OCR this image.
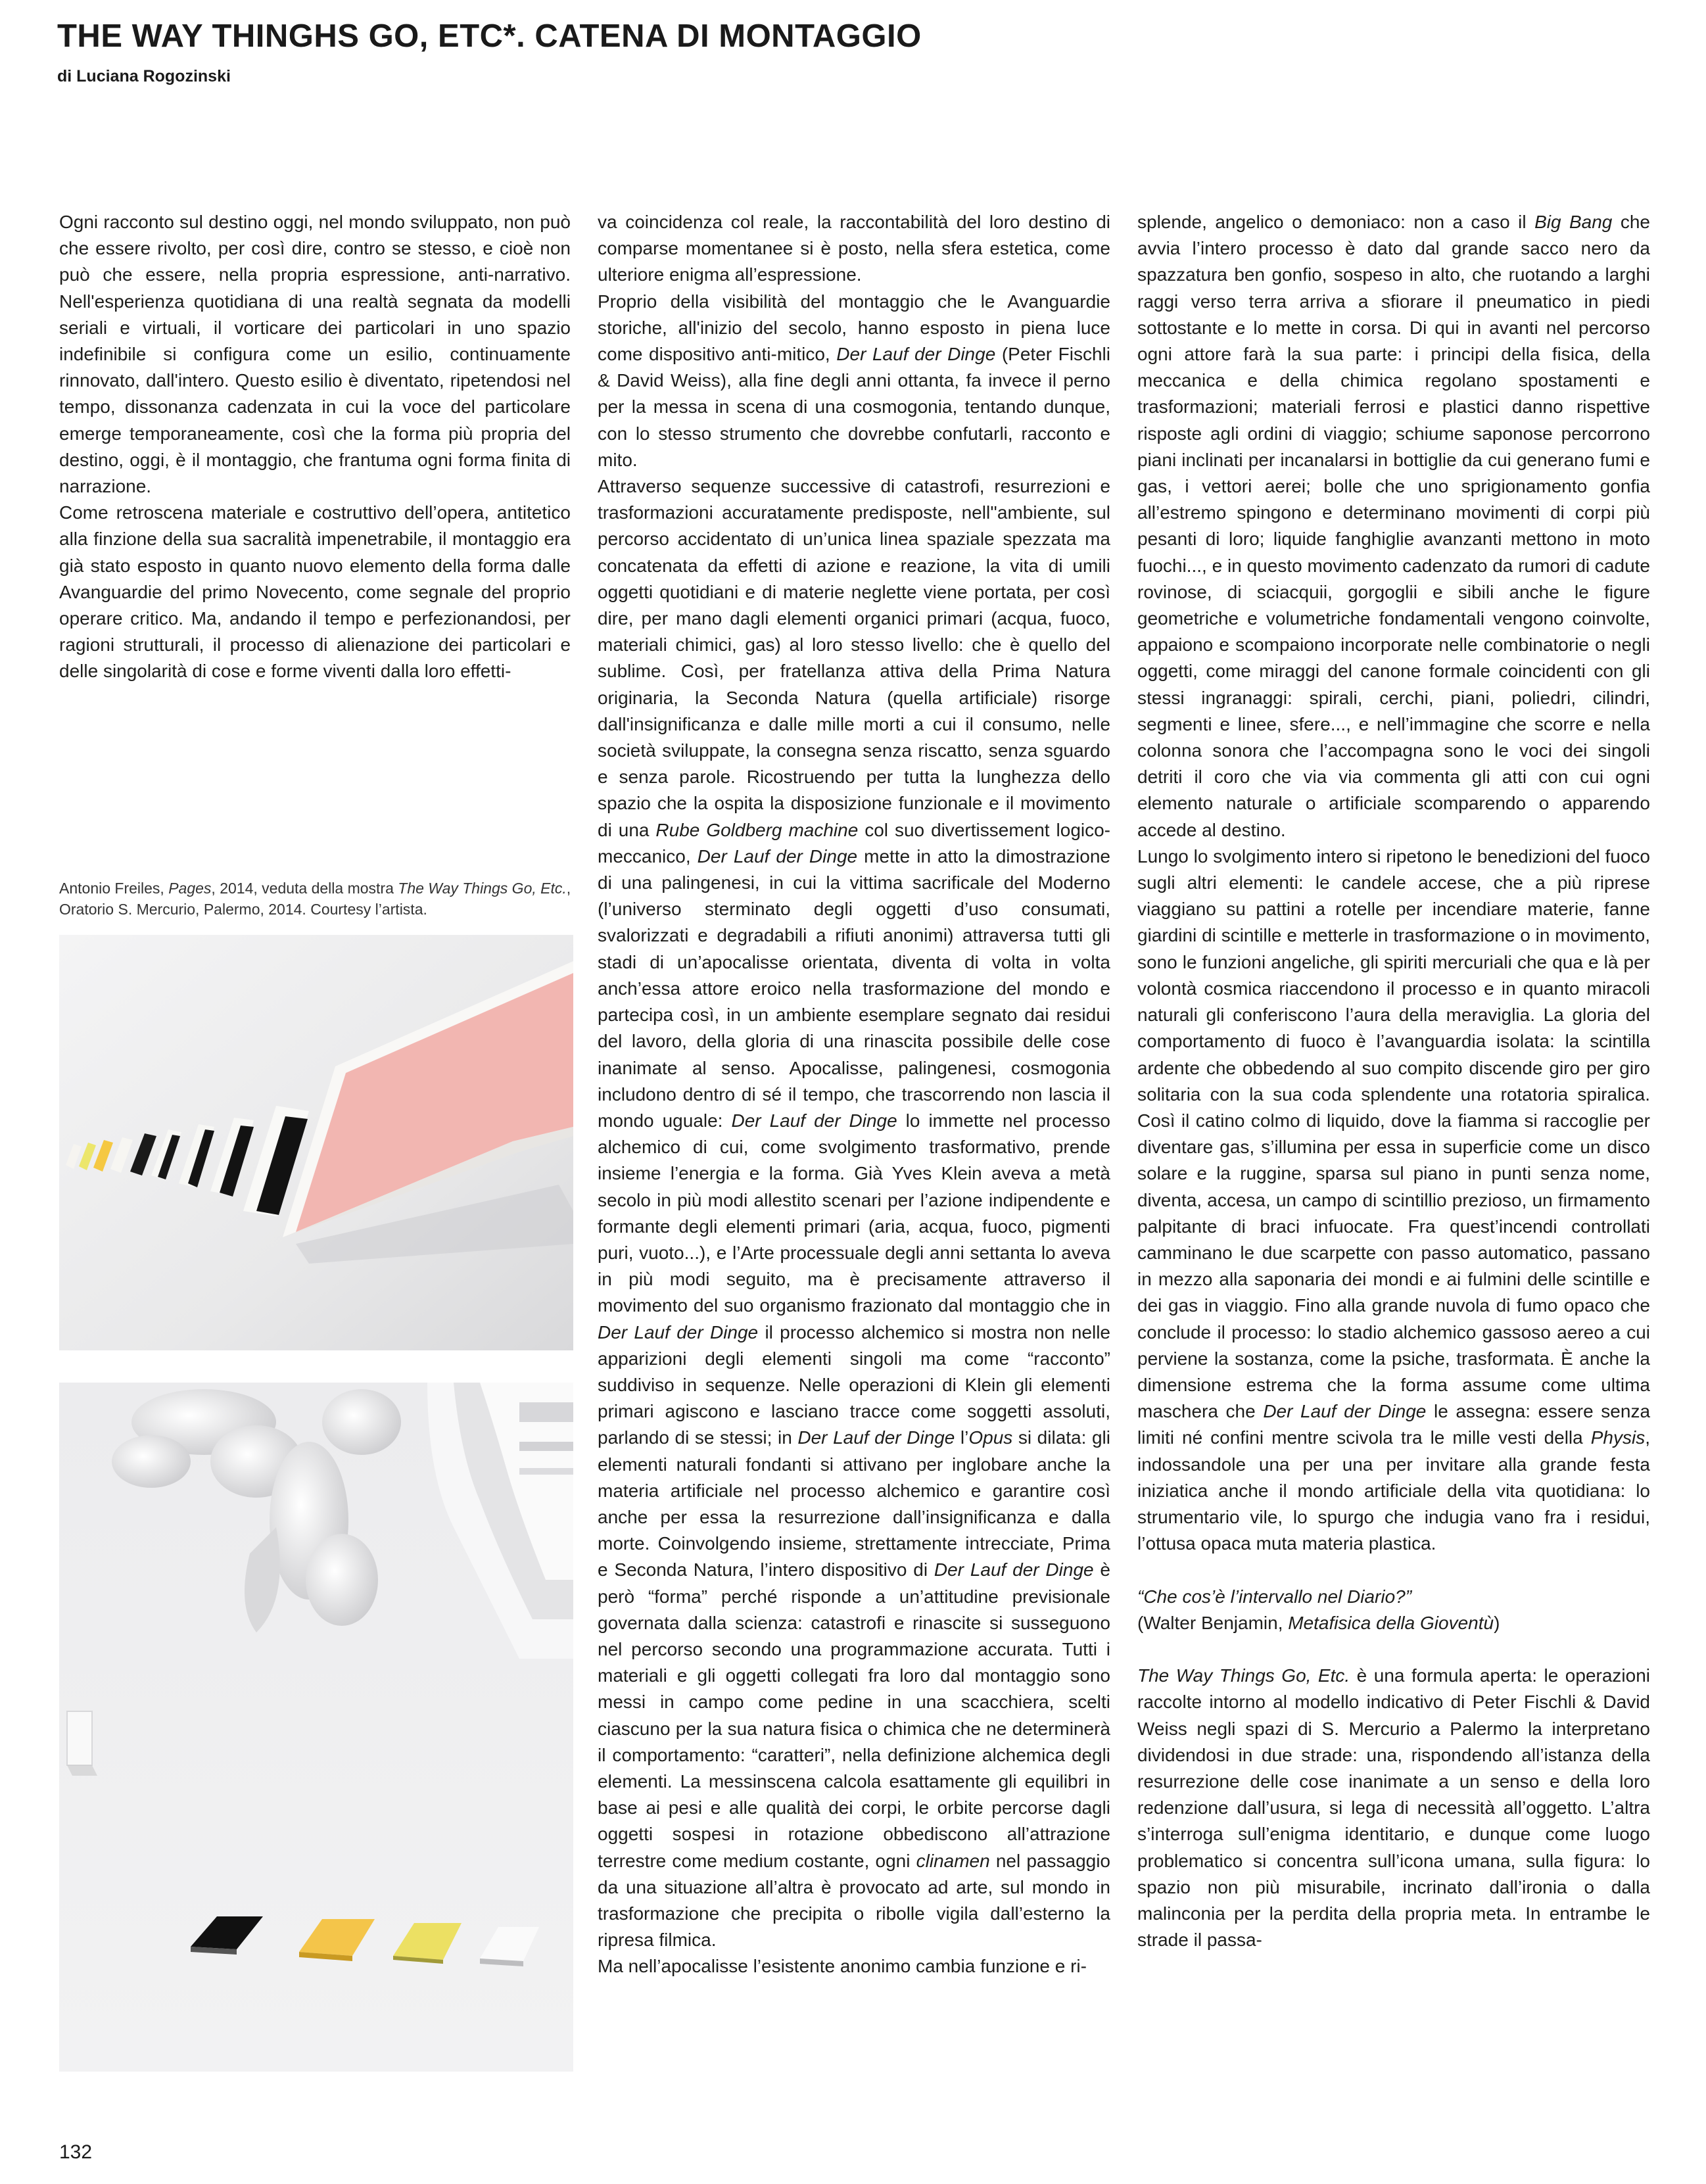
THE WAY THINGHS GO, ETC*. CATENA DI MONTAGGIO
di Luciana Rogozinski

Ogni racconto sul destino oggi, nel mondo sviluppato, non può che essere rivolto, per così dire, contro se stesso, e cioè non può che essere, nella propria espressione, anti-narrativo. Nell'esperienza quotidiana di una realtà segnata da modelli seriali e virtuali, il vorticare dei particolari in uno spazio indefinibile si configura come un esilio, continuamente rinnovato, dall'intero. Questo esilio è diventato, ripetendosi nel tempo, dissonanza cadenzata in cui la voce del particolare emerge temporaneamente, così che la forma più propria del destino, oggi, è il montaggio, che frantuma ogni forma finita di narrazione.

Come retroscena materiale e costruttivo dell’opera, antitetico alla finzione della sua sacralità impenetrabile, il montaggio era già stato esposto in quanto nuovo elemento della forma dalle Avanguardie del primo Novecento, come segnale del proprio operare critico. Ma, andando il tempo e perfezionandosi, per ragioni strutturali, il processo di alienazione dei particolari e delle singolarità di cose e forme viventi dalla loro effetti-

Antonio Freiles, Pages, 2014, veduta della mostra The Way Things Go, Etc., Oratorio S. Mercurio, Palermo, 2014. Courtesy l’artista.

va coincidenza col reale, la raccontabilità del loro destino di comparse momentanee si è posto, nella sfera estetica, come ulteriore enigma all’espressione.

Proprio della visibilità del montaggio che le Avanguardie storiche, all'inizio del secolo, hanno esposto in piena luce come dispositivo anti-mitico, Der Lauf der Dinge (Peter Fischli & David Weiss), alla fine degli anni ottanta, fa invece il perno per la messa in scena di una cosmogonia, tentando dunque, con lo stesso strumento che dovrebbe confutarli, racconto e mito.

Attraverso sequenze successive di catastrofi, resurrezioni e trasformazioni accuratamente predisposte, nell''ambiente, sul percorso accidentato di un’unica linea spaziale spezzata ma concatenata da effetti di azione e reazione, la vita di umili oggetti quotidiani e di materie neglette viene portata, per così dire, per mano dagli elementi organici primari (acqua, fuoco, materiali chimici, gas) al loro stesso livello: che è quello del sublime. Così, per fratellanza attiva della Prima Natura originaria, la Seconda Natura (quella artificiale) risorge dall'insignificanza e dalle mille morti a cui il consumo, nelle società sviluppate, la consegna senza riscatto, senza sguardo e senza parole. Ricostruendo per tutta la lunghezza dello spazio che la ospita la disposizione funzionale e il movimento di una Rube Goldberg machine col suo divertissement logico-meccanico, Der Lauf der Dinge mette in atto la dimostrazione di una palingenesi, in cui la vittima sacrificale del Moderno (l’universo sterminato degli oggetti d’uso consumati, svalorizzati e degradabili a rifiuti anonimi) attraversa tutti gli stadi di un’apocalisse orientata, diventa di volta in volta anch’essa attore eroico nella trasformazione del mondo e partecipa così, in un ambiente esemplare segnato dai residui del lavoro, della gloria di una rinascita possibile delle cose inanimate al senso. Apocalisse, palingenesi, cosmogonia includono dentro di sé il tempo, che trascorrendo non lascia il mondo uguale: Der Lauf der Dinge lo immette nel processo alchemico di cui, come svolgimento trasformativo, prende insieme l’energia e la forma. Già Yves Klein aveva a metà secolo in più modi allestito scenari per l’azione indipendente e formante degli elementi primari (aria, acqua, fuoco, pigmenti puri, vuoto...), e l’Arte processuale degli anni settanta lo aveva in più modi seguito, ma è precisamente attraverso il movimento del suo organismo frazionato dal montaggio che in Der Lauf der Dinge il processo alchemico si mostra non nelle apparizioni degli elementi singoli ma come “racconto” suddiviso in sequenze. Nelle operazioni di Klein gli elementi primari agiscono e lasciano tracce come soggetti assoluti, parlando di se stessi; in Der Lauf der Dinge l’Opus si dilata: gli elementi naturali fondanti si attivano per inglobare anche la materia artificiale nel processo alchemico e garantire così anche per essa la resurrezione dall’insignificanza e dalla morte. Coinvolgendo insieme, strettamente intrecciate, Prima e Seconda Natura, l’intero dispositivo di Der Lauf der Dinge è però “forma” perché risponde a un’attitudine previsionale governata dalla scienza: catastrofi e rinascite si susseguono nel percorso secondo una programmazione accurata. Tutti i materiali e gli oggetti collegati fra loro dal montaggio sono messi in campo come pedine in una scacchiera, scelti ciascuno per la sua natura fisica o chimica che ne determinerà il comportamento: “caratteri”, nella definizione alchemica degli elementi. La messinscena calcola esattamente gli equilibri in base ai pesi e alle qualità dei corpi, le orbite percorse dagli oggetti sospesi in rotazione obbediscono all’attrazione terrestre come medium costante, ogni clinamen nel passaggio da una situazione all’altra è provocato ad arte, sul mondo in trasformazione che precipita o ribolle vigila dall’esterno la ripresa filmica.

Ma nell’apocalisse l’esistente anonimo cambia funzione e ri-

splende, angelico o demoniaco: non a caso il Big Bang che avvia l’intero processo è dato dal grande sacco nero da spazzatura ben gonfio, sospeso in alto, che ruotando a larghi raggi verso terra arriva a sfiorare il pneumatico in piedi sottostante e lo mette in corsa. Di qui in avanti nel percorso ogni attore farà la sua parte: i principi della fisica, della meccanica e della chimica regolano spostamenti e trasformazioni; materiali ferrosi e plastici danno rispettive risposte agli ordini di viaggio; schiume saponose percorrono piani inclinati per incanalarsi in bottiglie da cui generano fumi e gas, i vettori aerei; bolle che uno sprigionamento gonfia all’estremo spingono e determinano movimenti di corpi più pesanti di loro; liquide fanghiglie avanzanti mettono in moto fuochi..., e in questo movimento cadenzato da rumori di cadute rovinose, di sciacquii, gorgoglii e sibili anche le figure geometriche e volumetriche fondamentali vengono coinvolte, appaiono e scompaiono incorporate nelle combinatorie o negli oggetti, come miraggi del canone formale coincidenti con gli stessi ingranaggi: spirali, cerchi, piani, poliedri, cilindri, segmenti e linee, sfere..., e nell’immagine che scorre e nella colonna sonora che l’accompagna sono le voci dei singoli detriti il coro che via via commenta gli atti con cui ogni elemento naturale o artificiale scomparendo o apparendo accede al destino.

Lungo lo svolgimento intero si ripetono le benedizioni del fuoco sugli altri elementi: le candele accese, che a più riprese viaggiano su pattini a rotelle per incendiare materie, fanne giardini di scintille e metterle in trasformazione o in movimento, sono le funzioni angeliche, gli spiriti mercuriali che qua e là per volontà cosmica riaccendono il processo e in quanto miracoli naturali gli conferiscono l’aura della meraviglia. La gloria del comportamento di fuoco è l’avanguardia isolata: la scintilla ardente che obbedendo al suo compito discende giro per giro solitaria con la sua coda splendente una rotatoria spiralica. Così il catino colmo di liquido, dove la fiamma si raccoglie per diventare gas, s’illumina per essa in superficie come un disco solare e la ruggine, sparsa sul piano in punti senza nome, diventa, accesa, un campo di scintillio prezioso, un firmamento palpitante di braci infuocate. Fra quest’incendi controllati camminano le due scarpette con passo automatico, passano in mezzo alla saponaria dei mondi e ai fulmini delle scintille e dei gas in viaggio. Fino alla grande nuvola di fumo opaco che conclude il processo: lo stadio alchemico gassoso aereo a cui perviene la sostanza, come la psiche, trasformata. È anche la dimensione estrema che la forma assume come ultima maschera che Der Lauf der Dinge le assegna: essere senza limiti né confini mentre scivola tra le mille vesti della Physis, indossandole una per una per invitare alla grande festa iniziatica anche il mondo artificiale della vita quotidiana: lo strumentario vile, lo spurgo che indugia vano fra i residui, l’ottusa opaca muta materia plastica.

“Che cos’è l’intervallo nel Diario?”

(Walter Benjamin, Metafisica della Gioventù)

The Way Things Go, Etc. è una formula aperta: le operazioni raccolte intorno al modello indicativo di Peter Fischli & David Weiss negli spazi di S. Mercurio a Palermo la interpretano dividendosi in due strade: una, rispondendo all’istanza della resurrezione delle cose inanimate a un senso e della loro redenzione dall’usura, si lega di necessità all’oggetto. L’altra s’interroga sull’enigma identitario, e dunque come luogo problematico si concentra sull’icona umana, sulla figura: lo spazio non più misurabile, incrinato dall’ironia o dalla malinconia per la perdita della propria meta. In entrambe le strade il passa-

132
